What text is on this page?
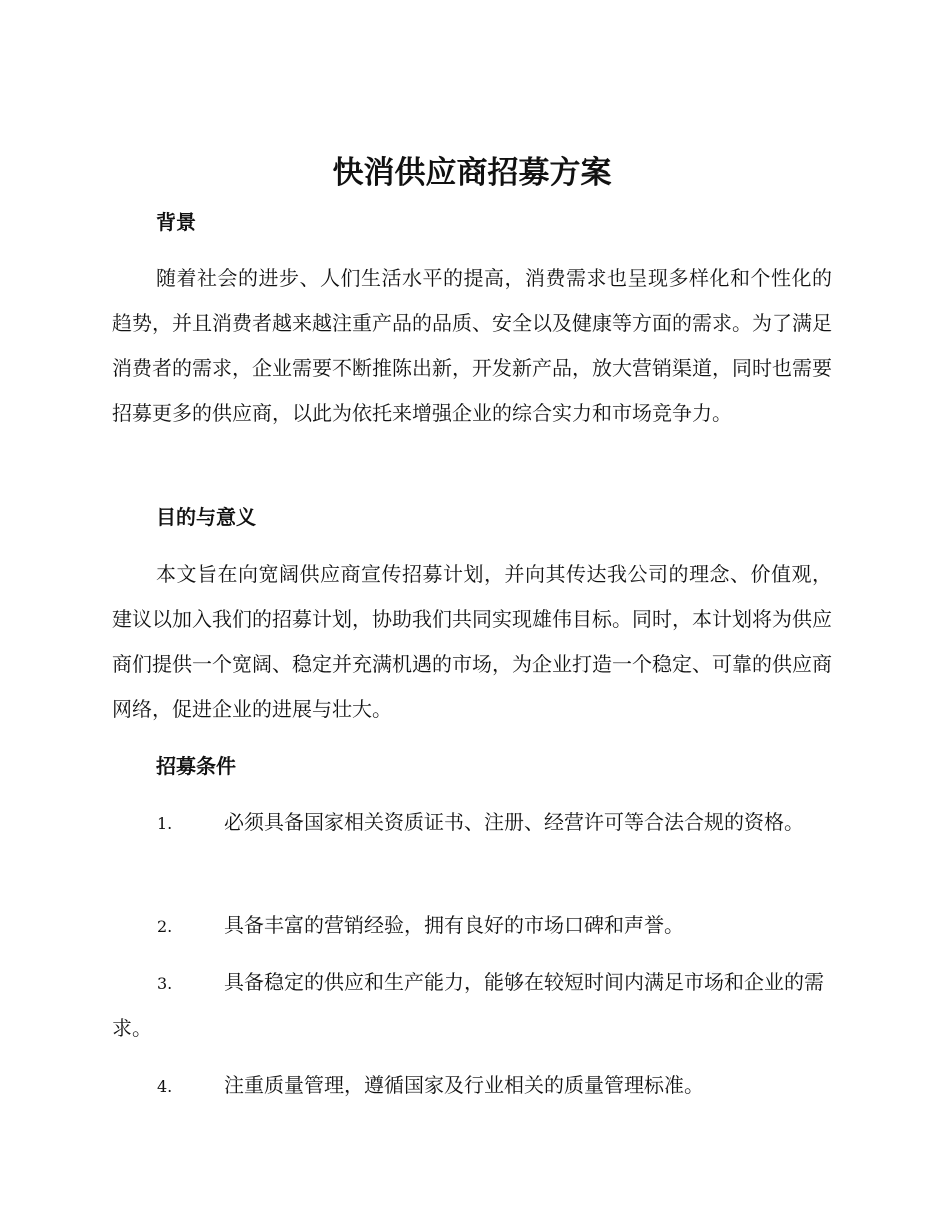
快消供应商招募方案
背景

随着社会的进步、人们生活水平的提高，消费需求也呈现多样化和个性化的趋势，并且消费者越来越注重产品的品质、安全以及健康等方面的需求。为了满足消费者的需求，企业需要不断推陈出新，开发新产品，放大营销渠道，同时也需要招募更多的供应商，以此为依托来增强企业的综合实力和市场竞争力。

目的与意义

本文旨在向宽阔供应商宣传招募计划，并向其传达我公司的理念、价值观，建议以加入我们的招募计划，协助我们共同实现雄伟目标。同时，本计划将为供应商们提供一个宽阔、稳定并充满机遇的市场，为企业打造一个稳定、可靠的供应商网络，促进企业的进展与壮大。

招募条件

1.	必须具备国家相关资质证书、注册、经营许可等合法合规的资格。

2.	具备丰富的营销经验，拥有良好的市场口碑和声誉。

3.	具备稳定的供应和生产能力，能够在较短时间内满足市场和企业的需求。

4.	注重质量管理，遵循国家及行业相关的质量管理标准。
